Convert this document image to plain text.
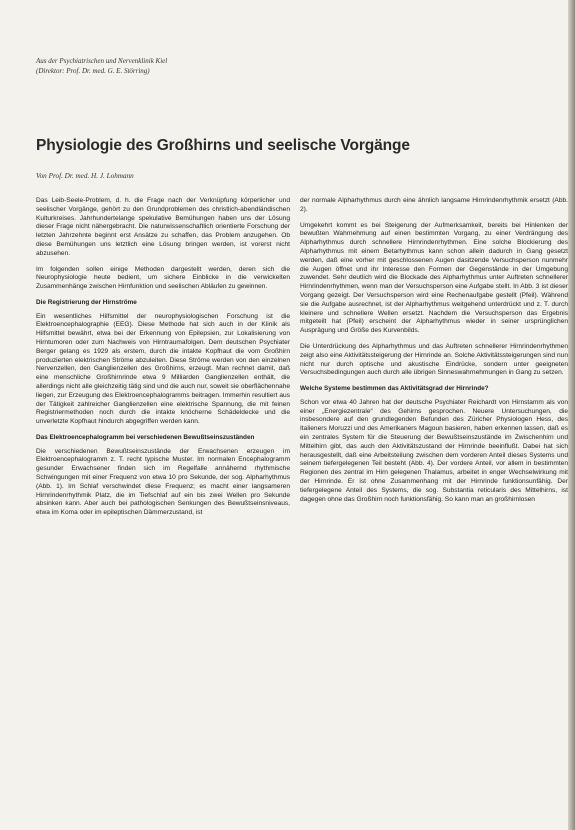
Aus der Psychiatrischen und Nervenklinik Kiel
(Direktor: Prof. Dr. med. G. E. Störring)
Physiologie des Großhirns und seelische Vorgänge
Von Prof. Dr. med. H. J. Lohmann

Das Leib-Seele-Problem, d. h. die Frage nach der Verknüpfung körperlicher und seelischer Vorgänge, gehört zu den Grundproblemen des christlich-abendländischen Kulturkreises. Jahrhundertelange spekulative Bemühungen haben uns der Lösung dieser Frage nicht nähergebracht. Die naturwissenschaftlich orientierte Forschung der letzten Jahrzehnte beginnt erst Ansätze zu schaffen, das Problem anzugehen. Ob diese Bemühungen uns letztlich eine Lösung bringen werden, ist vorerst nicht abzusehen.

Im folgenden sollen einige Methoden dargestellt werden, deren sich die Neurophysiologie heute bedient, um sichere Einblicke in die verwickelten Zusammenhänge zwischen Hirnfunktion und seelischen Abläufen zu gewinnen.

Die Registrierung der Hirnströme

Ein wesentliches Hilfsmittel der neurophysiologischen Forschung ist die Elektroencephalographie (EEG). Diese Methode hat sich auch in der Klinik als Hilfsmittel bewährt, etwa bei der Erkennung von Epilepsien, zur Lokalisierung von Hirntumoren oder zum Nachweis von Hirntraumafolgen. Dem deutschen Psychiater Berger gelang es 1929 als erstem, durch die intakte Kopfhaut die vom Großhirn produzierten elektrischen Ströme abzuleiten. Diese Ströme werden von den einzelnen Nervenzellen, den Ganglienzellen des Großhirns, erzeugt. Man rechnet damit, daß eine menschliche Großhirnrinde etwa 9 Milliarden Ganglienzellen enthält, die allerdings nicht alle gleichzeitig tätig sind und die auch nur, soweit sie oberflächennahe liegen, zur Erzeugung des Elektroencephalogramms beitragen. Immerhin resultiert aus der Tätigkeit zahlreicher Ganglienzellen eine elektrische Spannung, die mit feinen Registriermethoden noch durch die intakte knöcherne Schädeldecke und die unverletzte Kopfhaut hindurch abgegriffen werden kann.

Das Elektroencephalogramm bei verschiedenen Bewußtseinszuständen

Die verschiedenen Bewußtseinszustände der Erwachsenen erzeugen im Elektroencephalogramm z. T. recht typische Muster. Im normalen Encephalogramm gesunder Erwachsener finden sich im Regelfalle annähernd rhythmische Schwingungen mit einer Frequenz von etwa 10 pro Sekunde, der sog. Alpharhythmus (Abb. 1). Im Schlaf verschwindet diese Frequenz; es macht einer langsameren Hirnrindenrhythmik Platz, die im Tiefschlaf auf ein bis zwei Wellen pro Sekunde absinken kann. Aber auch bei pathologischen Senkungen des Bewußtseinsniveaus, etwa im Koma oder im epileptischen Dämmerzustand, ist

der normale Alpharhythmus durch eine ähnlich langsame Hirnrindenrhythmik ersetzt (Abb. 2).

Umgekehrt kommt es bei Steigerung der Aufmerksamkeit, bereits bei Hinlenken der bewußten Wahrnehmung auf einen bestimmten Vorgang, zu einer Verdrängung des Alpharhythmus durch schnellere Hirnrindenrhythmen. Eine solche Blockierung des Alpharhythmus mit einem Betarhythmus kann schon allein dadurch in Gang gesetzt werden, daß eine vorher mit geschlossenen Augen dasitzende Versuchsperson nunmehr die Augen öffnet und ihr Interesse den Formen der Gegenstände in der Umgebung zuwendet. Sehr deutlich wird die Blockade des Alpharhythmus unter Auftreten schnellerer Hirnrindenrhythmen, wenn man der Versuchsperson eine Aufgabe stellt. In Abb. 3 ist dieser Vorgang gezeigt. Der Versuchsperson wird eine Rechenaufgabe gestellt (Pfeil). Während sie die Aufgabe ausrechnet, ist der Alpharhythmus weitgehend unterdrückt und z. T. durch kleinere und schnellere Wellen ersetzt. Nachdem die Versuchsperson das Ergebnis mitgeteilt hat (Pfeil) erscheint der Alpharhythmus wieder in seiner ursprünglichen Ausprägung und Größe des Kurvenbilds.

Die Unterdrückung des Alpharhythmus und das Auftreten schnellerer Hirnrindenrhythmen zeigt also eine Aktivitätssteigerung der Hirnrinde an. Solche Aktivitätssteigerungen sind nun nicht nur durch optische und akustische Eindrücke, sondern unter geeigneten Versuchsbedingungen auch durch alle übrigen Sinneswahrnehmungen in Gang zu setzen.

Welche Systeme bestimmen das Aktivitätsgrad der Hirnrinde?

Schon vor etwa 40 Jahren hat der deutsche Psychiater Reichardt von Hirnstamm als von einer „Energiezentrale“ des Gehirns gesprochen. Neuere Untersuchungen, die insbesondere auf den grundlegenden Befunden des Züricher Physiologen Hess, des Italieners Moruzzi und des Amerikaners Magoun basieren, haben erkennen lassen, daß es ein zentrales System für die Steuerung der Bewußtseinszustände im Zwischenhirn und Mittelhirn gibt, das auch den Aktivitätszustand der Hirnrinde beeinflußt. Dabei hat sich herausgestellt, daß eine Arbeitsteilung zwischen dem vorderen Anteil dieses Systems und seinem tiefergelegenen Teil besteht (Abb. 4). Der vordere Anteil, vor allem in bestimmten Regionen des zentral im Hirn gelegenen Thalamus, arbeitet in enger Wechselwirkung mit der Hirnrinde. Er ist ohne Zusammenhang mit der Hirnrinde funktionsunfähig. Der tiefergelegene Anteil des Systems, die sog. Substantia reticularis des Mittelhirns, ist dagegen ohne das Großhirn noch funktionsfähig. So kann man an großhirnlosen
